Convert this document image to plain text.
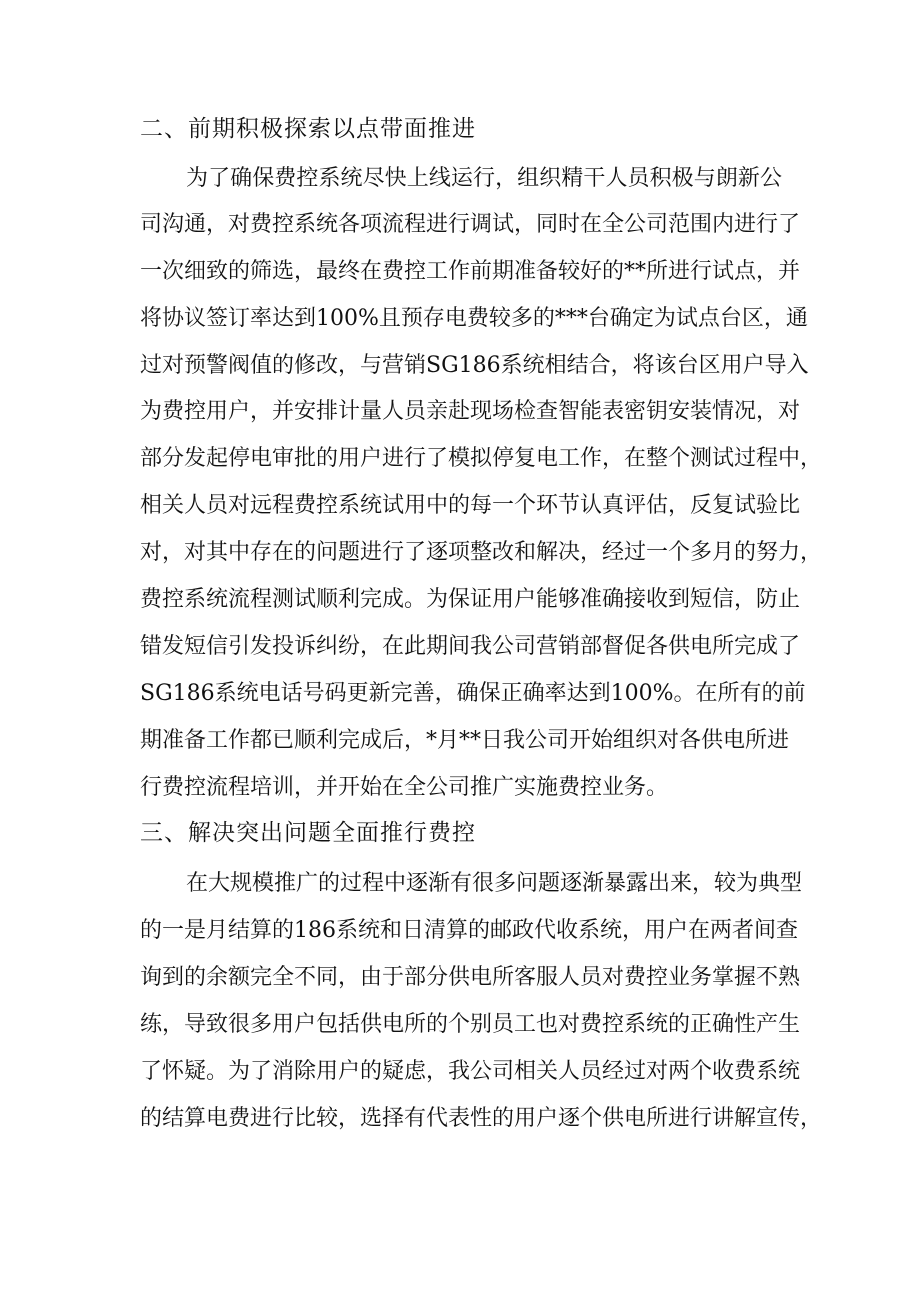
二、前期积极探索以点带面推进
为了确保费控系统尽快上线运行，组织精干人员积极与朗新公
司沟通，对费控系统各项流程进行调试，同时在全公司范围内进行了
一次细致的筛选，最终在费控工作前期准备较好的**所进行试点，并
将协议签订率达到100%且预存电费较多的***台确定为试点台区，通
过对预警阀值的修改，与营销SG186系统相结合，将该台区用户导入
为费控用户，并安排计量人员亲赴现场检查智能表密钥安装情况，对
部分发起停电审批的用户进行了模拟停复电工作，在整个测试过程中，
相关人员对远程费控系统试用中的每一个环节认真评估，反复试验比
对，对其中存在的问题进行了逐项整改和解决，经过一个多月的努力，
费控系统流程测试顺利完成。为保证用户能够准确接收到短信，防止
错发短信引发投诉纠纷，在此期间我公司营销部督促各供电所完成了
SG186系统电话号码更新完善，确保正确率达到100%。在所有的前
期准备工作都已顺利完成后，*月**日我公司开始组织对各供电所进
行费控流程培训，并开始在全公司推广实施费控业务。
三、解决突出问题全面推行费控
在大规模推广的过程中逐渐有很多问题逐渐暴露出来，较为典型
的一是月结算的186系统和日清算的邮政代收系统，用户在两者间查
询到的余额完全不同，由于部分供电所客服人员对费控业务掌握不熟
练，导致很多用户包括供电所的个别员工也对费控系统的正确性产生
了怀疑。为了消除用户的疑虑，我公司相关人员经过对两个收费系统
的结算电费进行比较，选择有代表性的用户逐个供电所进行讲解宣传，
